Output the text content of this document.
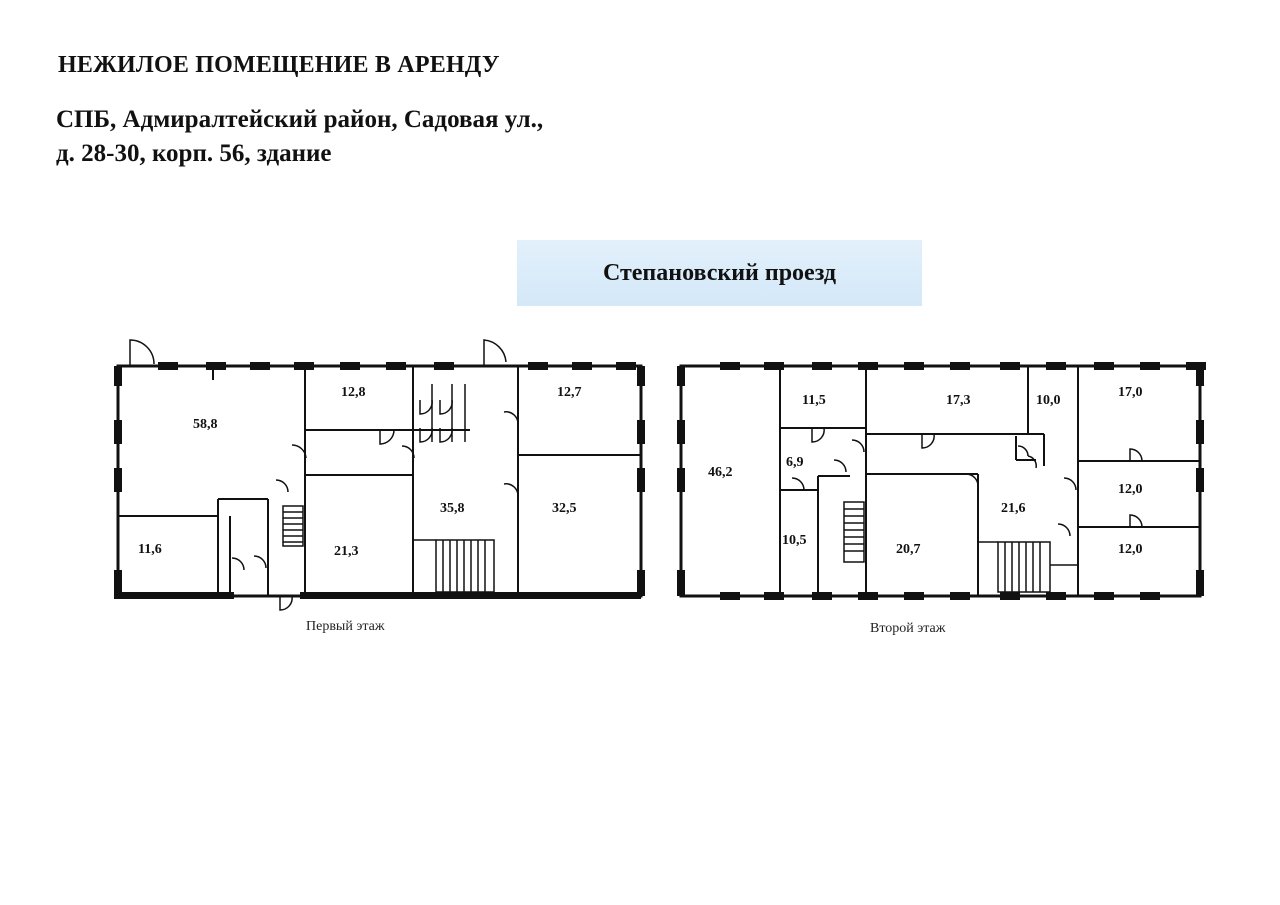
НЕЖИЛОЕ ПОМЕЩЕНИЕ В АРЕНДУ
СПБ, Адмиралтейский район, Садовая ул.,
д. 28-30, корп. 56, здание
Степановский проезд
58,8
12,8	12,7
35,8	32,5
11,6	21,3
Первый этаж
46,2
11,5	17,3	10,0
17,0
6,9
10,5
20,7
21,6
12,0
12,0
Второй этаж
